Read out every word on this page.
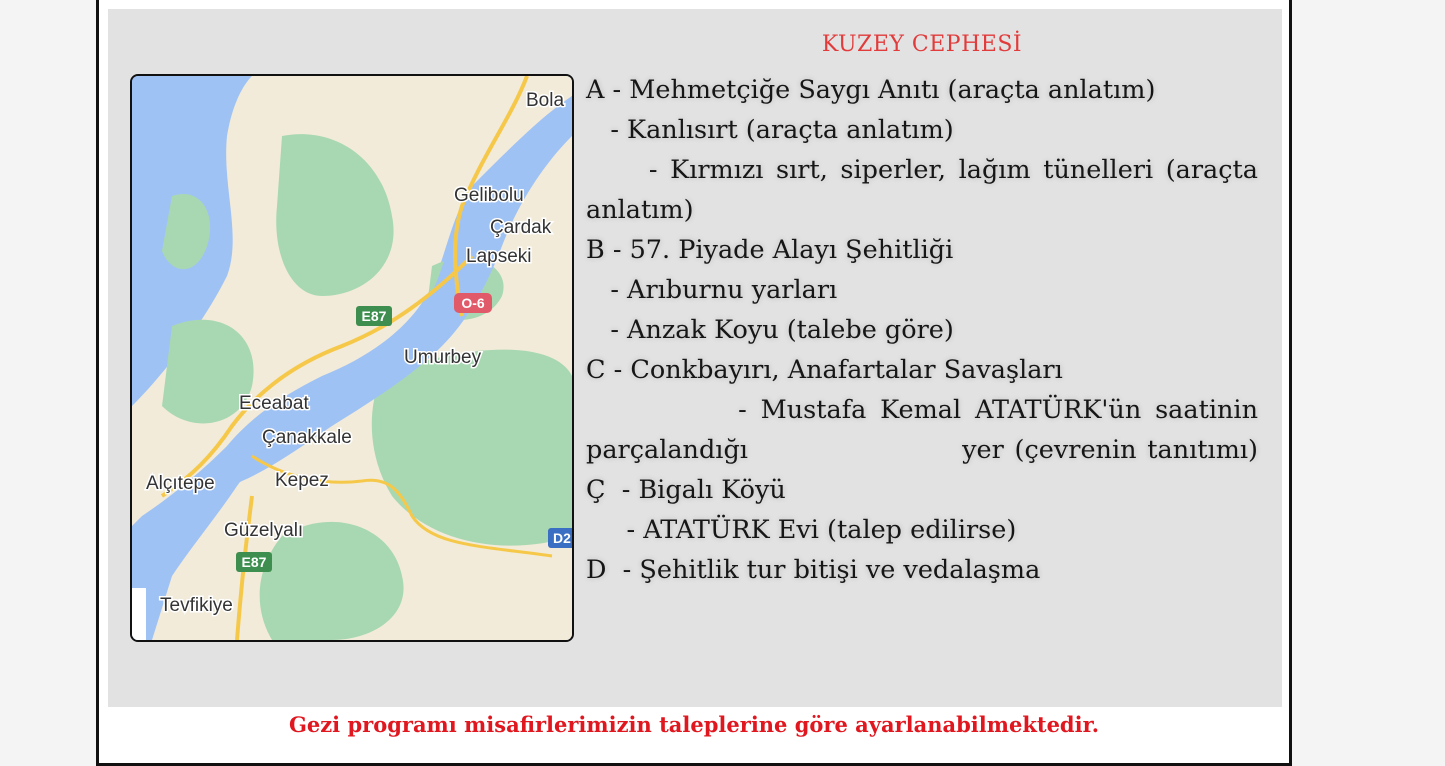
Bola
Gelibolu
Çardak
Lapseki
O-6
E87
Umurbey
Eceabat
Çanakkale
Alçıtepe	Kepez
Güzelyalı
E87
D2
Tevfikiye
KUZEY CEPHESİ
A - Mehmetçiğe Saygı Anıtı (araçta anlatım)
- Kanlısırt (araçta anlatım)
- Kırmızı sırt, siperler, lağım tünelleri (araçta
anlatım)
B - 57. Piyade Alayı Şehitliği
- Arıburnu yarları
- Anzak Koyu (talebe göre)
C - Conkbayırı, Anafartalar Savaşları
- Mustafa Kemal ATATÜRK'ün saatinin
parçalandığı                    yer (çevrenin tanıtımı)
Ç  - Bigalı Köyü
- ATATÜRK Evi (talep edilirse)
D  - Şehitlik tur bitişi ve vedalaşma
Gezi programı misafirlerimizin taleplerine göre ayarlanabilmektedir.
